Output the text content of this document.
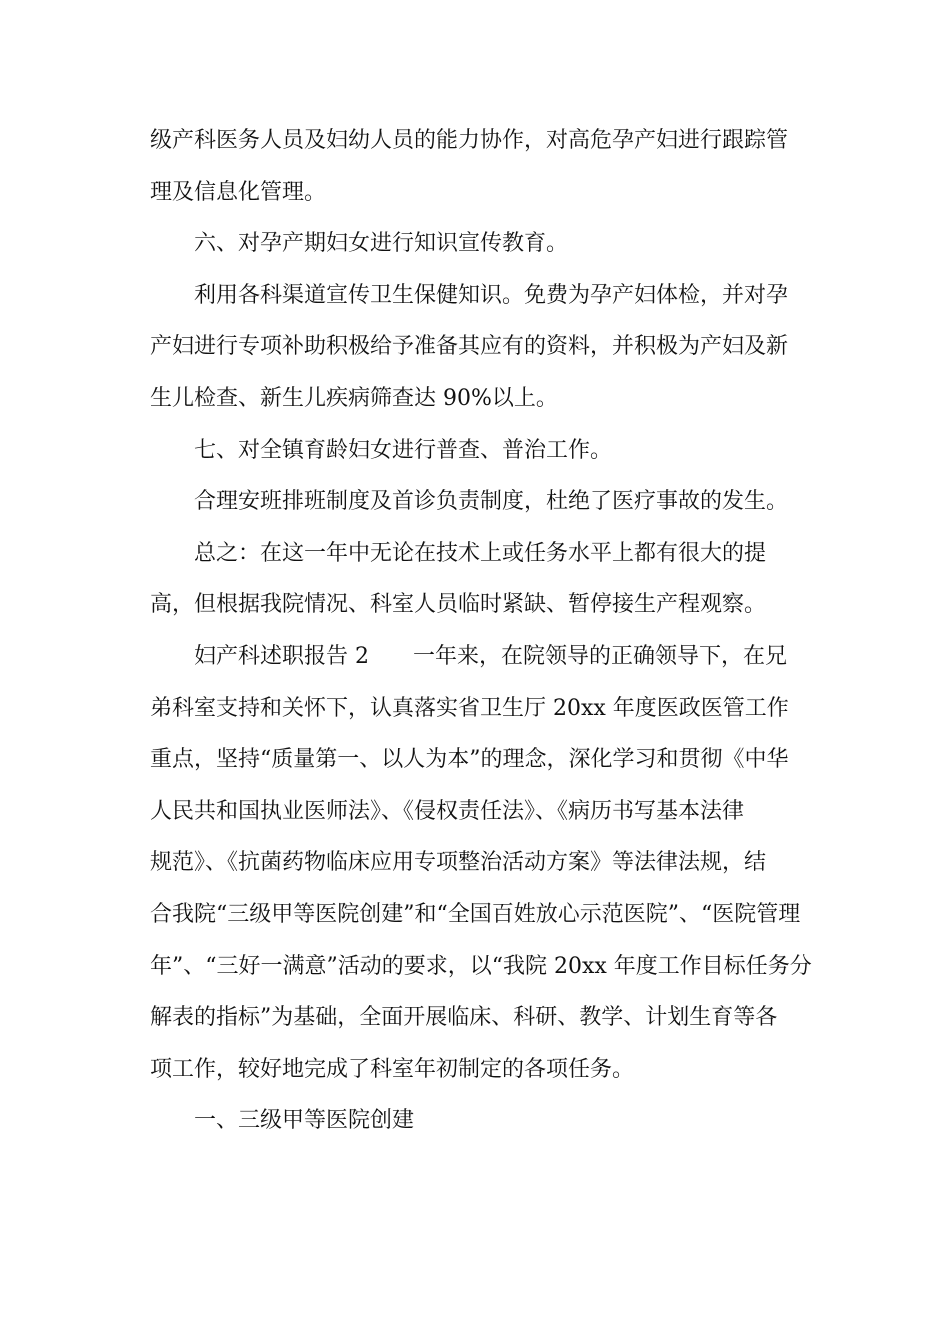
级产科医务人员及妇幼人员的能力协作，对高危孕产妇进行跟踪管
理及信息化管理。
六、对孕产期妇女进行知识宣传教育。
利用各科渠道宣传卫生保健知识。免费为孕产妇体检，并对孕
产妇进行专项补助积极给予准备其应有的资料，并积极为产妇及新
生儿检查、新生儿疾病筛查达 90%以上。
七、对全镇育龄妇女进行普查、普治工作。
合理安班排班制度及首诊负责制度，杜绝了医疗事故的发生。
总之：在这一年中无论在技术上或任务水平上都有很大的提
高，但根据我院情况、科室人员临时紧缺、暂停接生产程观察。
妇产科述职报告 2　　一年来，在院领导的正确领导下，在兄
弟科室支持和关怀下，认真落实省卫生厅 20xx 年度医政医管工作
重点，坚持“质量第一、以人为本”的理念，深化学习和贯彻《中华
人民共和国执业医师法》、《侵权责任法》、《病历书写基本法律
规范》、《抗菌药物临床应用专项整治活动方案》等法律法规，结
合我院“三级甲等医院创建”和“全国百姓放心示范医院”、“医院管理
年”、“三好一满意”活动的要求，以“我院 20xx 年度工作目标任务分
解表的指标”为基础，全面开展临床、科研、教学、计划生育等各
项工作，较好地完成了科室年初制定的各项任务。
一、三级甲等医院创建
